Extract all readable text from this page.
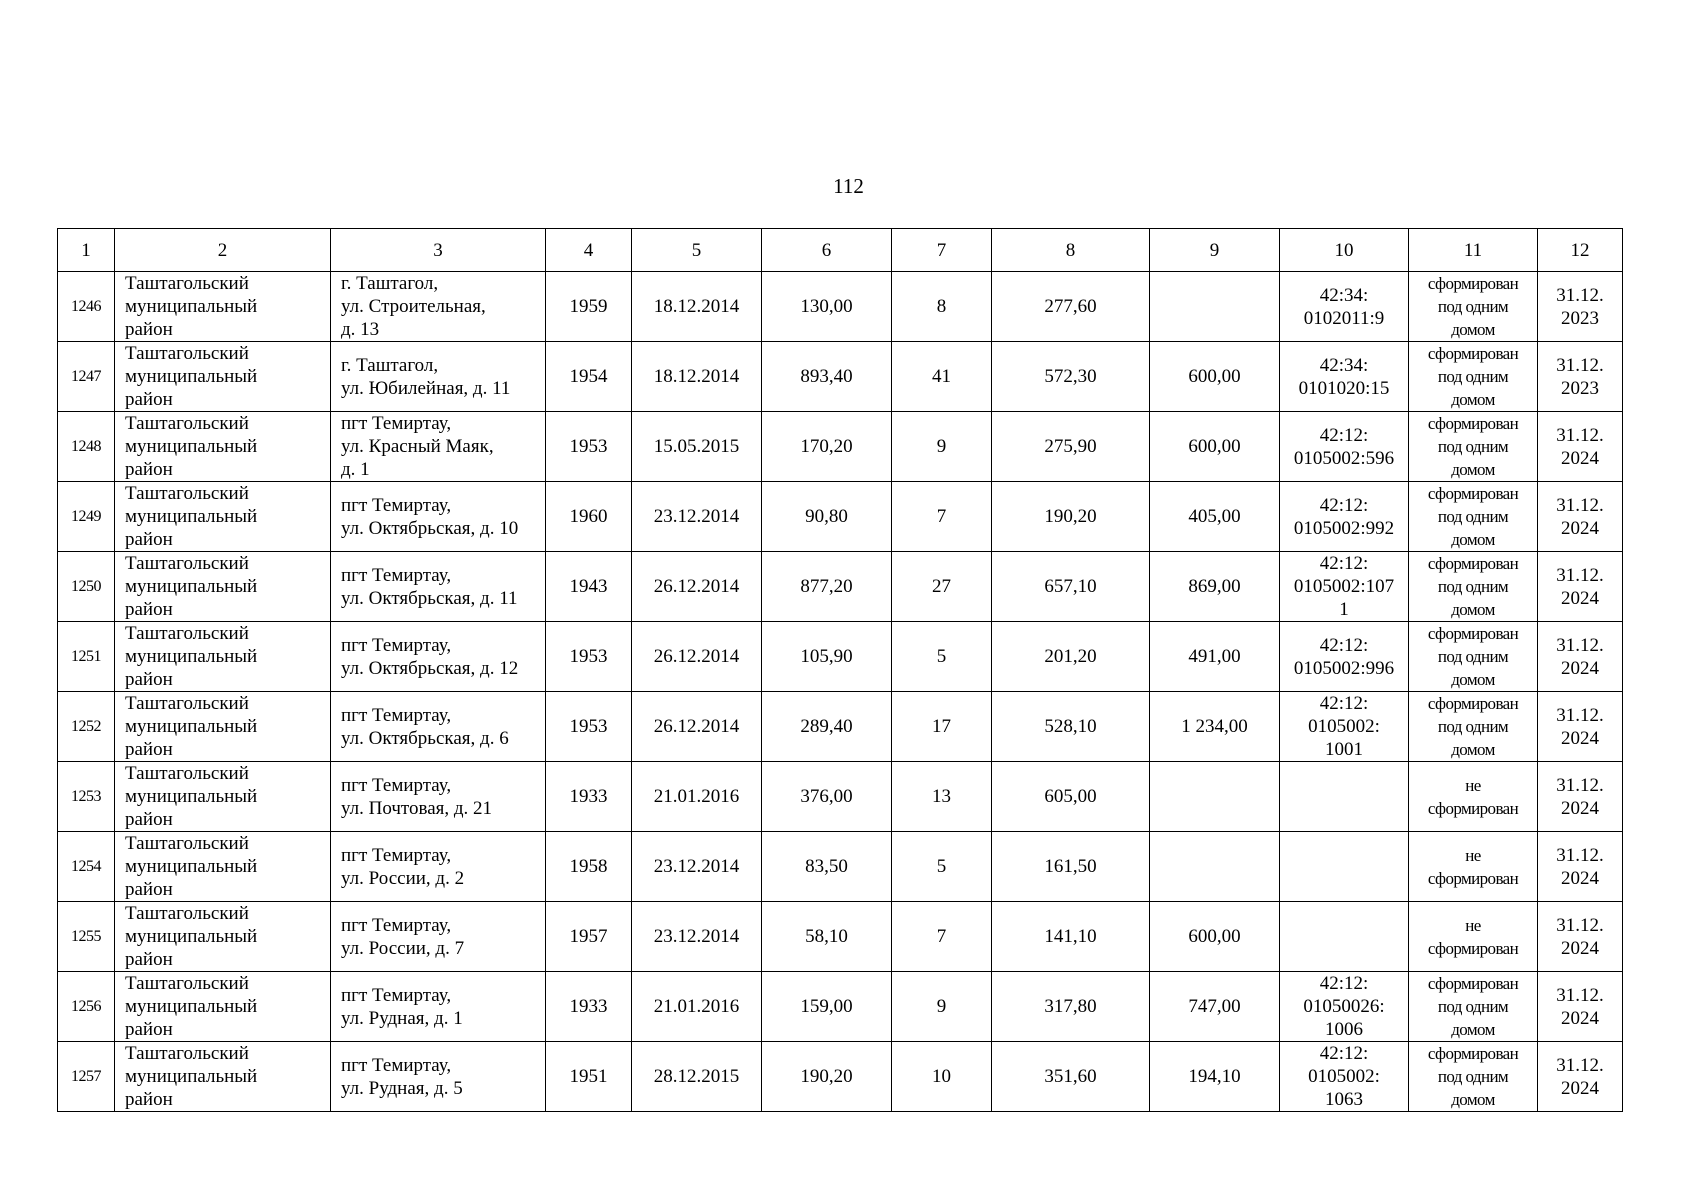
112
1	2	3	4	5	6	7	8	9	10	11	12
1246	Таштагольский
муниципальный
район	г. Таштагол,
ул. Строительная,
д. 13	1959	18.12.2014	130,00	8	277,60		42:34:
0102011:9	сформирован
под одним
домом	31.12.
2023

1247	Таштагольский
муниципальный
район	г. Таштагол,
ул. Юбилейная, д. 11	1954	18.12.2014	893,40	41	572,30	600,00	42:34:
0101020:15	сформирован
под одним
домом	31.12.
2023

1248	Таштагольский
муниципальный
район	пгт Темиртау,
ул. Красный Маяк,
д. 1	1953	15.05.2015	170,20	9	275,90	600,00	42:12:
0105002:596	сформирован
под одним
домом	31.12.
2024

1249	Таштагольский
муниципальный
район	пгт Темиртау,
ул. Октябрьская, д. 10	1960	23.12.2014	90,80	7	190,20	405,00	42:12:
0105002:992	сформирован
под одним
домом	31.12.
2024

1250	Таштагольский
муниципальный
район	пгт Темиртау,
ул. Октябрьская, д. 11	1943	26.12.2014	877,20	27	657,10	869,00	42:12:
0105002:107
1	сформирован
под одним
домом	31.12.
2024

1251	Таштагольский
муниципальный
район	пгт Темиртау,
ул. Октябрьская, д. 12	1953	26.12.2014	105,90	5	201,20	491,00	42:12:
0105002:996	сформирован
под одним
домом	31.12.
2024

1252	Таштагольский
муниципальный
район	пгт Темиртау,
ул. Октябрьская, д. 6	1953	26.12.2014	289,40	17	528,10	1 234,00	42:12:
0105002:
1001	сформирован
под одним
домом	31.12.
2024

1253	Таштагольский
муниципальный
район	пгт Темиртау,
ул. Почтовая, д. 21	1933	21.01.2016	376,00	13	605,00			не
сформирован	31.12.
2024

1254	Таштагольский
муниципальный
район	пгт Темиртау,
ул. России, д. 2	1958	23.12.2014	83,50	5	161,50			не
сформирован	31.12.
2024

1255	Таштагольский
муниципальный
район	пгт Темиртау,
ул. России, д. 7	1957	23.12.2014	58,10	7	141,10	600,00		не
сформирован	31.12.
2024

1256	Таштагольский
муниципальный
район	пгт Темиртау,
ул. Рудная, д. 1	1933	21.01.2016	159,00	9	317,80	747,00	42:12:
01050026:
1006	сформирован
под одним
домом	31.12.
2024

1257	Таштагольский
муниципальный
район	пгт Темиртау,
ул. Рудная, д. 5	1951	28.12.2015	190,20	10	351,60	194,10	42:12:
0105002:
1063	сформирован
под одним
домом	31.12.
2024
